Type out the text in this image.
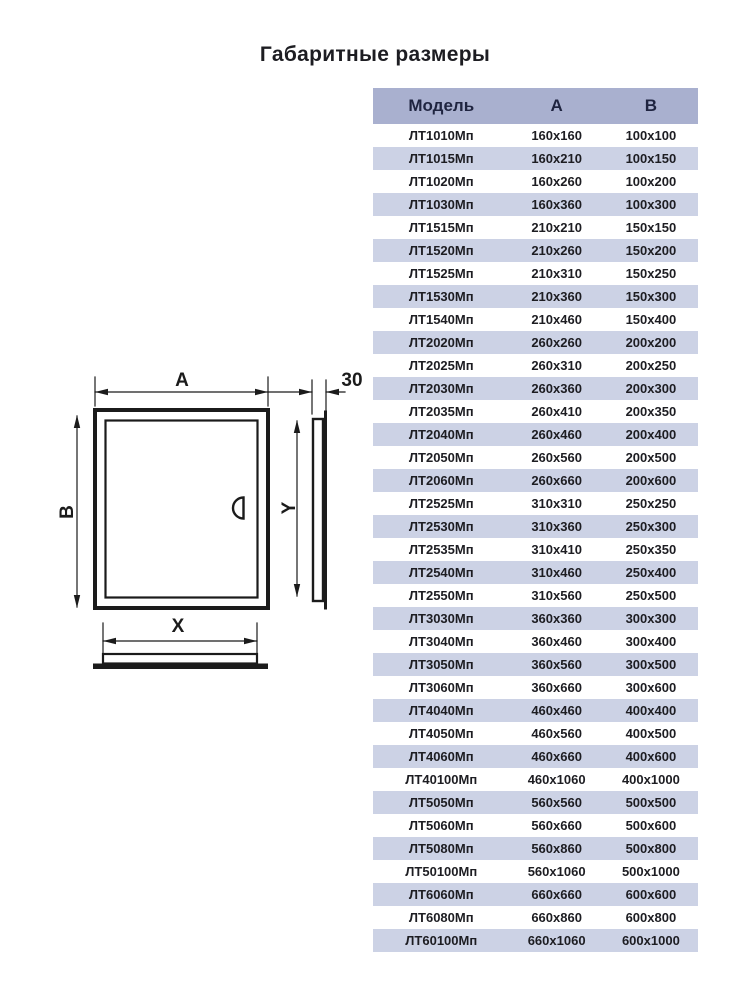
Габаритные размеры
A	30
Y
B
X
Модель	А	В
ЛТ1010Мп	160x160	100x100
ЛТ1015Мп	160x210	100x150
ЛТ1020Мп	160x260	100x200
ЛТ1030Мп	160x360	100x300
ЛТ1515Мп	210x210	150x150
ЛТ1520Мп	210x260	150x200
ЛТ1525Мп	210x310	150x250
ЛТ1530Мп	210x360	150x300
ЛТ1540Мп	210x460	150x400
ЛТ2020Мп	260x260	200x200
ЛТ2025Мп	260x310	200x250
ЛТ2030Мп	260x360	200x300
ЛТ2035Мп	260x410	200x350
ЛТ2040Мп	260x460	200x400
ЛТ2050Мп	260x560	200x500
ЛТ2060Мп	260x660	200x600
ЛТ2525Мп	310x310	250x250
ЛТ2530Мп	310x360	250x300
ЛТ2535Мп	310x410	250x350
ЛТ2540Мп	310x460	250x400
ЛТ2550Мп	310x560	250x500
ЛТ3030Мп	360x360	300x300
ЛТ3040Мп	360x460	300x400
ЛТ3050Мп	360x560	300x500
ЛТ3060Мп	360x660	300x600
ЛТ4040Мп	460x460	400x400
ЛТ4050Мп	460x560	400x500
ЛТ4060Мп	460x660	400x600
ЛТ40100Мп	460x1060	400x1000
ЛТ5050Мп	560x560	500x500
ЛТ5060Мп	560x660	500x600
ЛТ5080Мп	560x860	500x800
ЛТ50100Мп	560x1060	500x1000
ЛТ6060Мп	660x660	600x600
ЛТ6080Мп	660x860	600x800
ЛТ60100Мп	660x1060	600x1000
